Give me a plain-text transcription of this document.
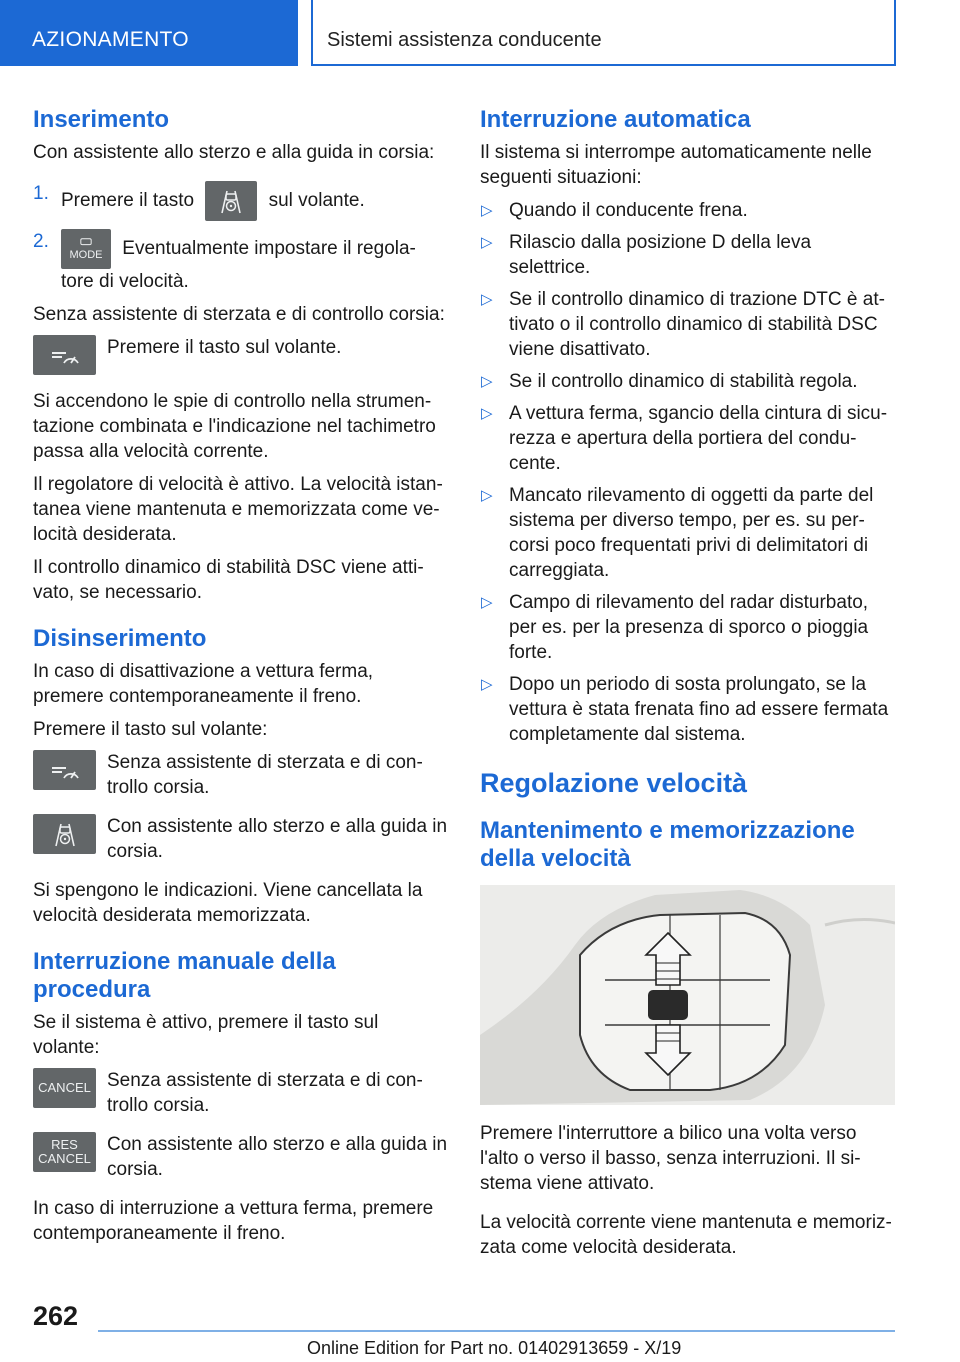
AZIONAMENTO	Sistemi assistenza conducente
Inserimento

Con assistente allo sterzo e alla guida in corsia:

1. Premere il tasto	sul volante.
2.
MODE Eventualmente impostare il regola-tore di velocità.

Senza assistente di sterzata e di controllo corsia:

Premere il tasto sul volante.

Si accendono le spie di controllo nella strumen-tazione combinata e l'indicazione nel tachimetro passa alla velocità corrente.

Il regolatore di velocità è attivo. La velocità istan-tanea viene mantenuta e memorizzata come ve-locità desiderata.

Il controllo dinamico di stabilità DSC viene atti-vato, se necessario.

Disinserimento

In caso di disattivazione a vettura ferma, premere contemporaneamente il freno.

Premere il tasto sul volante:

Senza assistente di sterzata e di con-trollo corsia.
Con assistente allo sterzo e alla guida in corsia.

Si spengono le indicazioni. Viene cancellata la velocità desiderata memorizzata.

Interruzione manuale della procedura

Se il sistema è attivo, premere il tasto sul volante:

CANCEL Senza assistente di sterzata e di con-trollo corsia.
RES
CANCEL
Con assistente allo sterzo e alla guida in corsia.

In caso di interruzione a vettura ferma, premere contemporaneamente il freno.

Interruzione automatica

Il sistema si interrompe automaticamente nelle seguenti situazioni:

▷ Quando il conducente frena.
▷ Rilascio dalla posizione D della leva selettrice.
▷ Se il controllo dinamico di trazione DTC è at-tivato o il controllo dinamico di stabilità DSC viene disattivato.
▷ Se il controllo dinamico di stabilità regola.
▷ A vettura ferma, sgancio della cintura di sicu-rezza e apertura della portiera del condu-cente.
▷ Mancato rilevamento di oggetti da parte del sistema per diverso tempo, per es. su per-corsi poco frequentati privi di delimitatori di carreggiata.
▷ Campo di rilevamento del radar disturbato, per es. per la presenza di sporco o pioggia forte.
▷ Dopo un periodo di sosta prolungato, se la vettura è stata frenata fino ad essere fermata completamente dal sistema.
Regolazione velocità
Mantenimento e memorizzazione della velocità

Premere l'interruttore a bilico una volta verso l'alto o verso il basso, senza interruzioni. Il si-stema viene attivato.

La velocità corrente viene mantenuta e memoriz-zata come velocità desiderata.

262
Online Edition for Part no. 01402913659 - X/19
